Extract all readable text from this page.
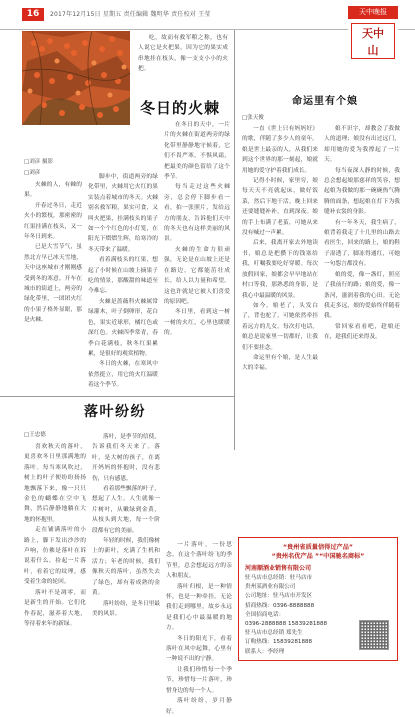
16	2017年12月15日 星期五 责任编辑 魏明华 责任校对 王莹	天中晚报
天中
山
□刘彦 摄影
冬日的火棘
□刘彦

火棘的人，有棘的果。

开春过冬日，走近火小的繁枝，那密密的红果挂满在枝头，又一年冬日到来。

已是大雪节气，虽然北方早已冰天雪地，天中这座城市才刚刚感受到冬的寒意。开车在城市的街道上，两旁的绿化带里，一团团火红的小果子格外显眼，那是火棘。

脚步中，街道两旁的绿化带里，火棘用它火红的果实装点着城市的冬天。火棘别名救军粮，果实可食，又叫火把果，挂满枝头的果子如一个个红色的小灯笼，在阳光下熠熠生辉，给寒冷的冬天带来了温暖。

看着满枝头的红果，想起了小时候在山坡上摘果子吃的情景，那酸甜的味道至今难忘。

火棘是蔷薇科火棘属常绿灌木，叶子倒卵形，花白色，果实近球形，橘红色或深红色。火棘四季常青，春季白花满枝，秋冬红果累累，是很好的观赏植物。

冬日的火棘，在寒风中依然挺立，用它的火红温暖着这个季节。

吃，故而有救军粮之称，也有人说它是火把果，因为它的果实成串地挂在枝头，像一支支小小的火把。

在冬日的天中，一片片的火棘在街道两旁的绿化带里静静地守候着，它们不畏严寒，不惧风霜，把最美的颜色留给了这个季节。

每当走过这些火棘旁，总会停下脚步看一看，拍一张照片，发给远方的朋友，告诉他们天中的冬天也有这样美丽的风景。

火棘的生命力很顽强，无论是在山坡上还是在路边，它都能茁壮成长，给人以力量和希望。这也许就是它被人们喜爱的原因吧。

冬日里，看到这一树一树的火红，心里也暖暖的。

命运里有个娘
□张天俊

一直《世上只有妈妈好》的歌，伴随了多少人的童年。娘是世上最亲的人，从我们来到这个世界的那一刻起，娘就用她的爱守护着我们成长。

记得小时候，家里穷，娘每天天不亮就起床，做好饭菜，然后下地干活。晚上回来还要缝缝补补，直到深夜。娘的手上布满了老茧，可她从来没有喊过一声累。

后来，我离开家去外地读书，娘总是把攒下的钱塞给我，叮嘱我要吃好穿暖。每次放假回家，娘都会早早地站在村口等我，那熟悉的身影，是我心中最温暖的风景。

如今，娘老了，头发白了，背也驼了，可她依然牵挂着远方的儿女。每次打电话，娘总是说家里一切都好，让我们不要挂念。

命运里有个娘，是人生最大的幸福。

娘不识字，却教会了我做人的道理；娘没有出过远门，却用她的爱为我撑起了一片天。

每当夜深人静的时候，我总会想起娘那慈祥的笑容，想起娘为我做的那一碗碗热气腾腾的面条，想起娘在灯下为我缝补衣裳的身影。

有一年冬天，我生病了，娘背着我走了十几里的山路去看医生，回来的路上，娘的鞋子湿透了，脚冻得通红，可她一句怨言都没有。

娘的爱，像一盏灯，照亮了我前行的路；娘的爱，像一条河，滋润着我的心田。无论我走多远，娘的爱始终伴随着我。

常回家看看吧，趁娘还在，趁我们还来得及。

落叶纷纷
□王忠德

喜欢秋天的落叶，更喜欢冬日里那满地的落叶。每当寒风吹过，树上的叶子便纷纷扬扬地飘落下来，像一只只金色的蝴蝶在空中飞舞，然后静静地躺在大地的怀抱里。

走在铺满落叶的小路上，脚下发出沙沙的声响，仿佛是落叶在诉说着什么。捡起一片落叶，看着它的纹理，感受着生命的轮回。

落叶不是凋零，而是新生的开始。它们化作春泥，滋养着大地，等待着来年的新绿。

落叶，是季节的信使，告诉我们冬天来了。落叶，是大树的孩子，在离开妈妈的怀抱时，没有悲伤，只有感恩。

看着那些飘落的叶子，想起了人生。人生就像一片树叶，从嫩绿到金黄，从枝头到大地，每一个阶段都有它的美丽。

年轻的时候，我们像树上的新叶，充满了生机和活力；年老的时候，我们像秋天的落叶，虽然失去了绿色，却有着成熟的金黄。

落叶纷纷，是冬日里最美的风景。

一片落叶，一份思念。在这个落叶纷飞的季节里，总会想起远方的亲人和朋友。

落叶归根，是一种情怀，也是一种牵挂。无论我们走到哪里，故乡永远是我们心中最温暖的地方。

冬日的阳光下，看着落叶在风中起舞，心里有一种说不出的宁静。

让我们珍惜每一个季节，珍惜每一片落叶，珍惜身边的每一个人。

落叶纷纷，岁月静好。

“贵州省质量信得过产品”
“贵州名优产品 ”“中国驰名商标”
河南顺酒业销售有限公司
驻马店市总经销：驻马店市
贵州某酒业有限公司
公司地址：驻马店市开发区
招商热线：0396-8888888
全国招商电话：
0396-2888888 15839281888
驻马店市总经销 郑先生
订购热线：15839281888
联系人：李经理
